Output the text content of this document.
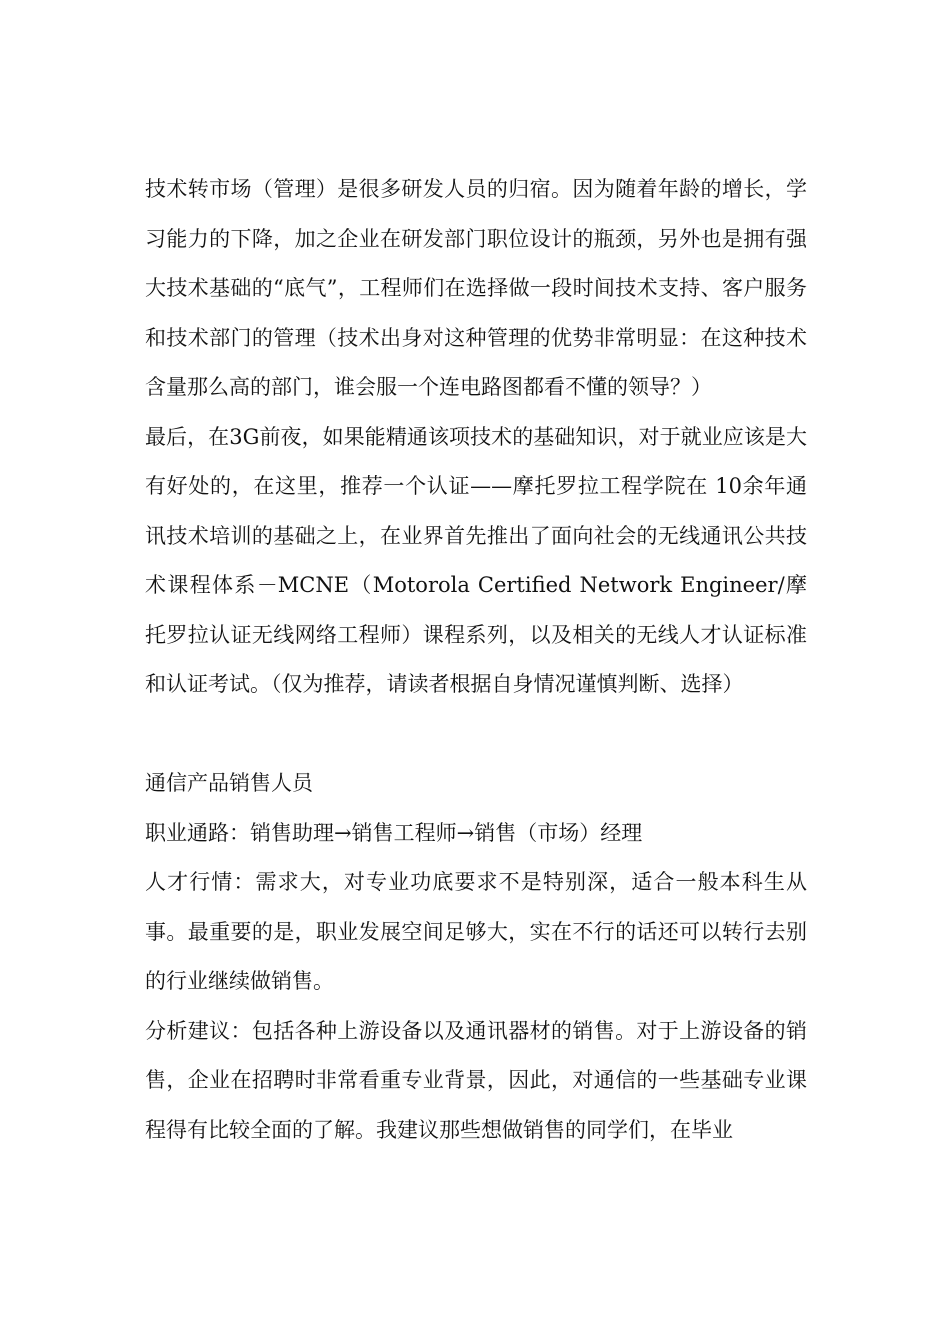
技术转市场（管理）是很多研发人员的归宿。因为随着年龄的增长，学习能力的下降，加之企业在研发部门职位设计的瓶颈，另外也是拥有强大技术基础的“底气”，工程师们在选择做一段时间技术支持、客户服务和技术部门的管理（技术出身对这种管理的优势非常明显：在这种技术含量那么高的部门，谁会服一个连电路图都看不懂的领导？）

最后，在3G前夜，如果能精通该项技术的基础知识，对于就业应该是大有好处的，在这里，推荐一个认证——摩托罗拉工程学院在 10余年通讯技术培训的基础之上，在业界首先推出了面向社会的无线通讯公共技术课程体系－MCNE（Motorola Certified Network Engineer/摩托罗拉认证无线网络工程师）课程系列，以及相关的无线人才认证标准和认证考试。（仅为推荐，请读者根据自身情况谨慎判断、选择）

通信产品销售人员

职业通路：销售助理→销售工程师→销售（市场）经理

人才行情：需求大，对专业功底要求不是特别深，适合一般本科生从事。最重要的是，职业发展空间足够大，实在不行的话还可以转行去别的行业继续做销售。

分析建议：包括各种上游设备以及通讯器材的销售。对于上游设备的销售，企业在招聘时非常看重专业背景，因此，对通信的一些基础专业课程得有比较全面的了解。我建议那些想做销售的同学们，在毕业
